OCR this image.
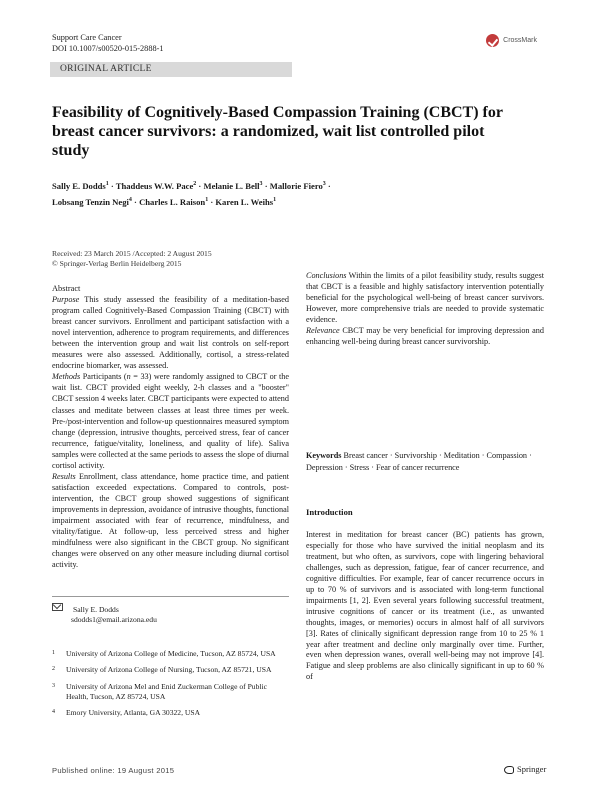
Support Care Cancer
DOI 10.1007/s00520-015-2888-1
CrossMark
ORIGINAL ARTICLE
Feasibility of Cognitively-Based Compassion Training (CBCT) for breast cancer survivors: a randomized, wait list controlled pilot study
Sally E. Dodds$^1$ · Thaddeus W.W. Pace$^2$ · Melanie L. Bell$^3$ · Mallorie Fiero$^3$ ·
Lobsang Tenzin Negi$^4$ · Charles L. Raison$^1$ · Karen L. Weihs$^1$
Received: 23 March 2015 /Accepted: 2 August 2015
© Springer-Verlag Berlin Heidelberg 2015
Abstract
Purpose This study assessed the feasibility of a meditation-based program called Cognitively-Based Compassion Training (CBCT) with breast cancer survivors. Enrollment and participant satisfaction with a novel intervention, adherence to program requirements, and differences between the intervention group and wait list controls on self-report measures were also assessed. Additionally, cortisol, a stress-related endocrine biomarker, was assessed.
Methods Participants (n = 33) were randomly assigned to CBCT or the wait list. CBCT provided eight weekly, 2-h classes and a "booster" CBCT session 4 weeks later. CBCT participants were expected to attend classes and meditate between classes at least three times per week. Pre-/post-intervention and follow-up questionnaires measured symptom change (depression, intrusive thoughts, perceived stress, fear of cancer recurrence, fatigue/vitality, loneliness, and quality of life). Saliva samples were collected at the same periods to assess the slope of diurnal cortisol activity.
Results Enrollment, class attendance, home practice time, and patient satisfaction exceeded expectations. Compared to controls, post-intervention, the CBCT group showed suggestions of significant improvements in depression, avoidance of intrusive thoughts, functional impairment associated with fear of recurrence, mindfulness, and vitality/fatigue. At follow-up, less perceived stress and higher mindfulness were also significant in the CBCT group. No significant changes were observed on any other measure including diurnal cortisol activity.
Conclusions Within the limits of a pilot feasibility study, results suggest that CBCT is a feasible and highly satisfactory intervention potentially beneficial for the psychological well-being of breast cancer survivors. However, more comprehensive trials are needed to provide systematic evidence.
Relevance CBCT may be very beneficial for improving depression and enhancing well-being during breast cancer survivorship.
Keywords Breast cancer · Survivorship · Meditation · Compassion · Depression · Stress · Fear of cancer recurrence
Introduction
Interest in meditation for breast cancer (BC) patients has grown, especially for those who have survived the initial neoplasm and its treatment, but who often, as survivors, cope with lingering behavioral challenges, such as depression, fatigue, fear of cancer recurrence, and cognitive difficulties. For example, fear of cancer recurrence occurs in up to 70 % of survivors and is associated with long-term functional impairments [1, 2]. Even several years following successful treatment, intrusive cognitions of cancer or its treatment (i.e., as unwanted thoughts, images, or memories) occurs in almost half of all survivors [3]. Rates of clinically significant depression range from 10 to 25 % 1 year after treatment and decline only marginally over time. Further, even when depression wanes, overall well-being may not improve [4]. Fatigue and sleep problems are also clinically significant in up to 60 % of
Sally E. Dodds
sdodds1@email.arizona.edu
1	University of Arizona College of Medicine, Tucson, AZ 85724, USA
2	University of Arizona College of Nursing, Tucson, AZ 85721, USA
3	University of Arizona Mel and Enid Zuckerman College of Public Health, Tucson, AZ 85724, USA
4	Emory University, Atlanta, GA 30322, USA
Published online: 19 August 2015	Springer
